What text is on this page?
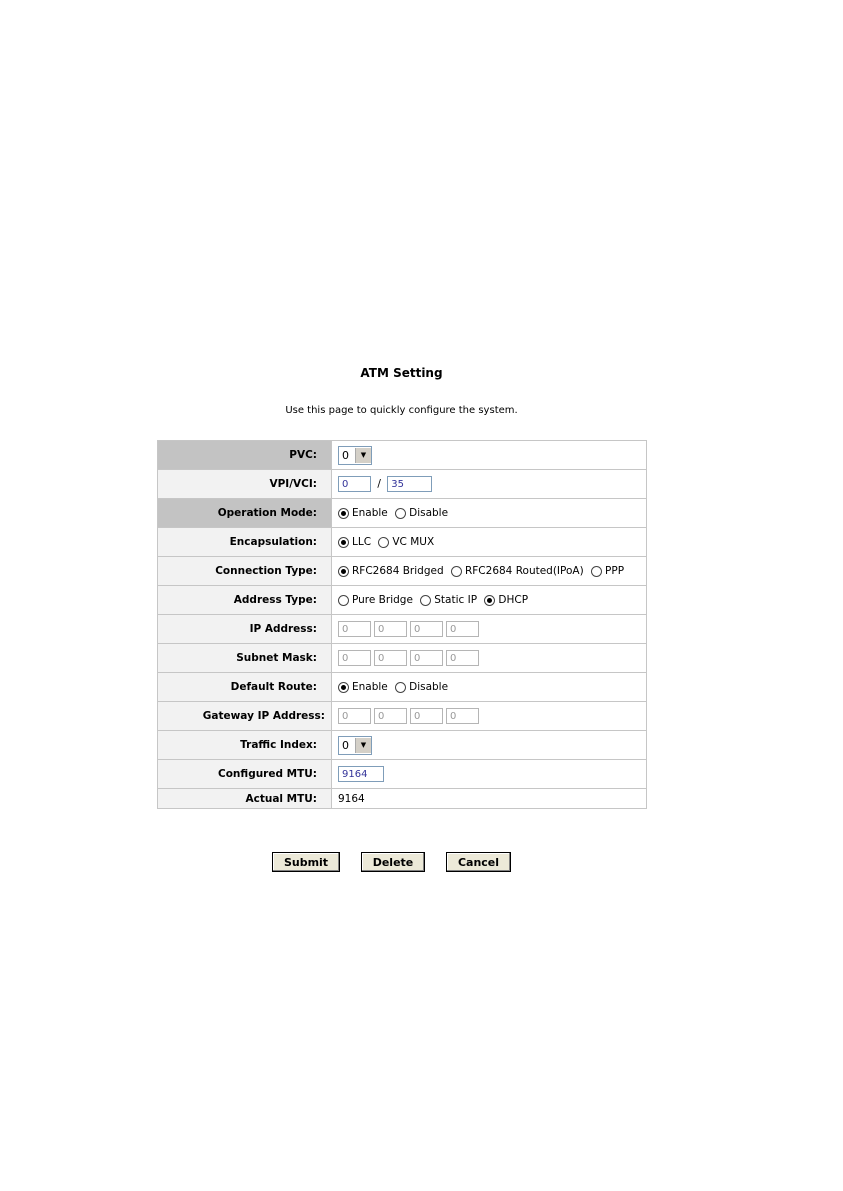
ATM Setting
Use this page to quickly configure the system.
PVC:	0 ▼

VPI/VCI:	0 / 35
Operation Mode:	Enable Disable
Encapsulation:	LLC VC MUX
Connection Type:	RFC2684 Bridged RFC2684 Routed(IPoA) PPP
Address Type:	Pure Bridge Static IP DHCP
IP Address:	0 0 0 0
Subnet Mask:	0 0 0 0
Default Route:	Enable Disable
Gateway IP Address:	0 0 0 0
Traffic Index:	0 ▼

Configured MTU:	9164
Actual MTU:	9164
Submit	Delete	Cancel
